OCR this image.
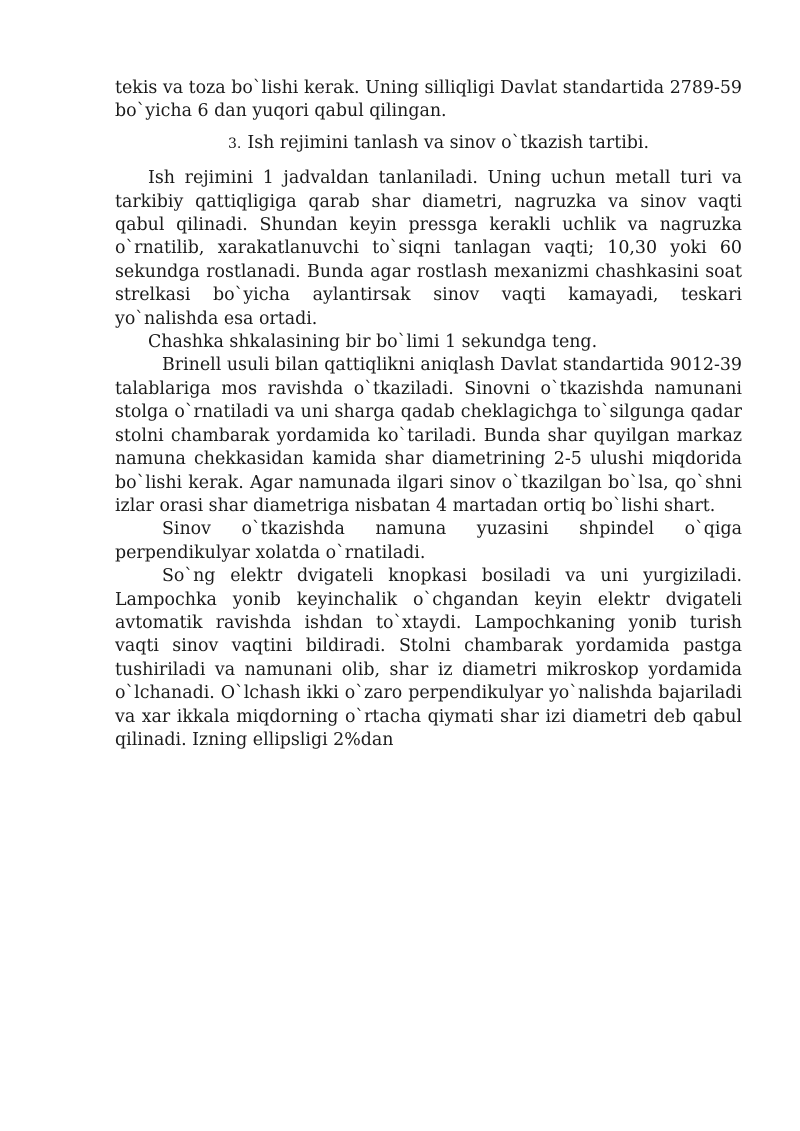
tekis va toza bo`lishi kerak. Uning silliqligi Davlat standartida 2789-59 bo`yicha 6 dan yuqori qabul qilingan.

3. Ish rejimini tanlash va sinov o`tkazish tartibi.

Ish rejimini 1 jadvaldan tanlaniladi. Uning uchun metall turi va tarkibiy qattiqligiga qarab shar diametri, nagruzka va sinov vaqti qabul qilinadi. Shundan keyin pressga kerakli uchlik va nagruzka o`rnatilib, xarakatlanuvchi to`siqni tanlagan vaqti; 10,30 yoki 60 sekundga rostlanadi. Bunda agar rostlash mexanizmi chashkasini soat strelkasi bo`yicha aylantirsak sinov vaqti kamayadi, teskari yo`nalishda esa ortadi.

Chashka shkalasining bir bo`limi 1 sekundga teng.

Brinell usuli bilan qattiqlikni aniqlash Davlat standartida 9012-39 talablariga mos ravishda o`tkaziladi. Sinovni o`tkazishda namunani stolga o`rnatiladi va uni sharga qadab cheklagichga to`silgunga qadar stolni chambarak yordamida ko`tariladi. Bunda shar quyilgan markaz namuna chekkasidan kamida shar diametrining 2-5 ulushi miqdorida bo`lishi kerak. Agar namunada ilgari sinov o`tkazilgan bo`lsa, qo`shni izlar orasi shar diametriga nisbatan 4 martadan ortiq bo`lishi shart.

Sinov o`tkazishda namuna yuzasini shpindel o`qiga perpendikulyar xolatda o`rnatiladi.

So`ng elektr dvigateli knopkasi bosiladi va uni yurgiziladi. Lampochka yonib keyinchalik o`chgandan keyin elektr dvigateli avtomatik ravishda ishdan to`xtaydi. Lampochkaning yonib turish vaqti sinov vaqtini bildiradi. Stolni chambarak yordamida pastga tushiriladi va namunani olib, shar iz diametri mikroskop yordamida o`lchanadi. O`lchash ikki o`zaro perpendikulyar yo`nalishda bajariladi va xar ikkala miqdorning o`rtacha qiymati shar izi diametri deb qabul qilinadi. Izning ellipsligi 2%dan
